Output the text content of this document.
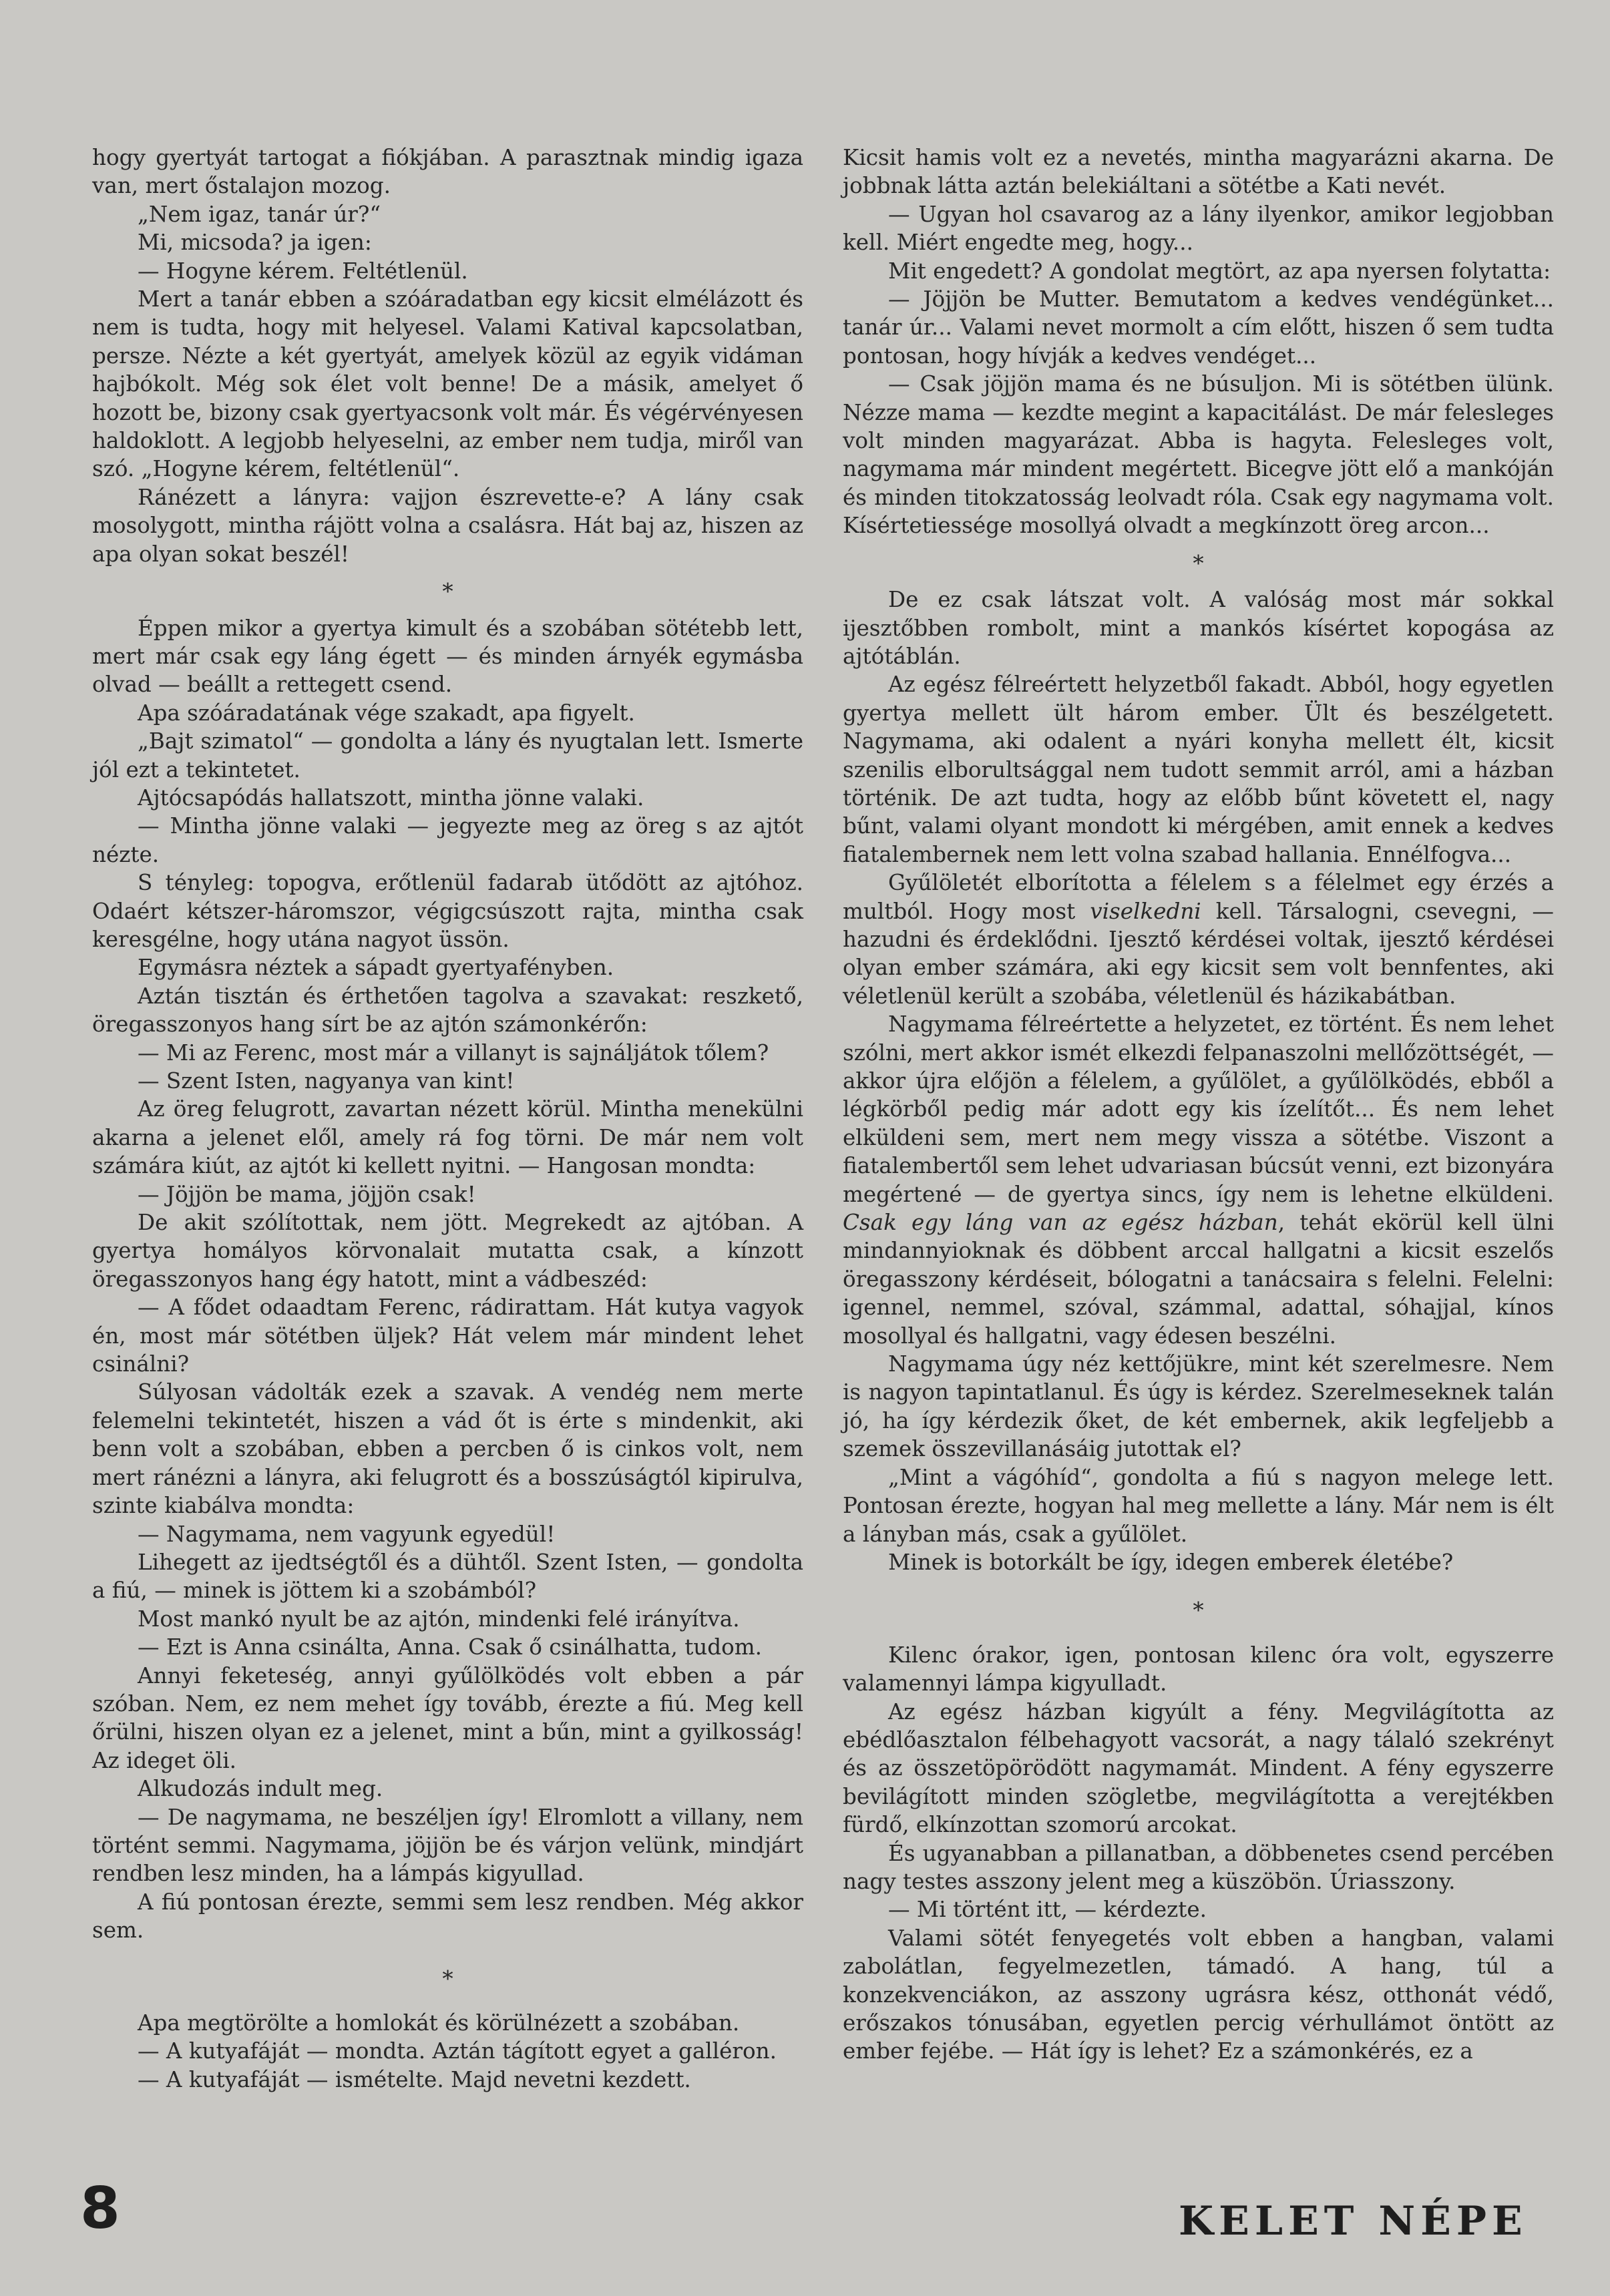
hogy gyertyát tartogat a fiókjában. A parasztnak mindig igaza van, mert őstalajon mozog.

„Nem igaz, tanár úr?“

Mi, micsoda? ja igen:

— Hogyne kérem. Feltétlenül.

Mert a tanár ebben a szóáradatban egy kicsit elmélázott és nem is tudta, hogy mit helyesel. Valami Katival kapcsolatban, persze. Nézte a két gyertyát, amelyek közül az egyik vidáman hajbókolt. Még sok élet volt benne! De a másik, amelyet ő hozott be, bizony csak gyertyacsonk volt már. És végérvényesen haldoklott. A legjobb helyeselni, az ember nem tudja, miről van szó. „Hogyne kérem, feltétlenül“.

Ránézett a lányra: vajjon észrevette-e? A lány csak mosolygott, mintha rájött volna a csalásra. Hát baj az, hiszen az apa olyan sokat beszél!

*

Éppen mikor a gyertya kimult és a szobában sötétebb lett, mert már csak egy láng égett — és minden árnyék egymásba olvad — beállt a rettegett csend.

Apa szóáradatának vége szakadt, apa figyelt.

„Bajt szimatol“ — gondolta a lány és nyugtalan lett. Ismerte jól ezt a tekintetet.

Ajtócsapódás hallatszott, mintha jönne valaki.

— Mintha jönne valaki — jegyezte meg az öreg s az ajtót nézte.

S tényleg: topogva, erőtlenül fadarab ütődött az ajtóhoz. Odaért kétszer-háromszor, végigcsúszott rajta, mintha csak keresgélne, hogy utána nagyot üssön.

Egymásra néztek a sápadt gyertyafényben.

Aztán tisztán és érthetően tagolva a szavakat: reszkető, öregasszonyos hang sírt be az ajtón számonkérőn:

— Mi az Ferenc, most már a villanyt is sajnáljátok tőlem?

— Szent Isten, nagyanya van kint!

Az öreg felugrott, zavartan nézett körül. Mintha menekülni akarna a jelenet elől, amely rá fog törni. De már nem volt számára kiút, az ajtót ki kellett nyitni. — Hangosan mondta:

— Jöjjön be mama, jöjjön csak!

De akit szólítottak, nem jött. Megrekedt az ajtóban. A gyertya homályos körvonalait mutatta csak, a kínzott öregasszonyos hang égy hatott, mint a vádbeszéd:

— A fődet odaadtam Ferenc, rádirattam. Hát kutya vagyok én, most már sötétben üljek? Hát velem már mindent lehet csinálni?

Súlyosan vádolták ezek a szavak. A vendég nem merte felemelni tekintetét, hiszen a vád őt is érte s mindenkit, aki benn volt a szobában, ebben a percben ő is cinkos volt, nem mert ránézni a lányra, aki felugrott és a bosszúságtól kipirulva, szinte kiabálva mondta:

— Nagymama, nem vagyunk egyedül!

Lihegett az ijedtségtől és a dühtől. Szent Isten, — gondolta a fiú, — minek is jöttem ki a szobámból?

Most mankó nyult be az ajtón, mindenki felé irányítva.

— Ezt is Anna csinálta, Anna. Csak ő csinálhatta, tudom.

Annyi feketeség, annyi gyűlölködés volt ebben a pár szóban. Nem, ez nem mehet így tovább, érezte a fiú. Meg kell őrülni, hiszen olyan ez a jelenet, mint a bűn, mint a gyilkosság! Az ideget öli.

Alkudozás indult meg.

— De nagymama, ne beszéljen így! Elromlott a villany, nem történt semmi. Nagymama, jöjjön be és várjon velünk, mindjárt rendben lesz minden, ha a lámpás kigyullad.

A fiú pontosan érezte, semmi sem lesz rendben. Még akkor sem.

*

Apa megtörölte a homlokát és körülnézett a szobában.

— A kutyafáját — mondta. Aztán tágított egyet a galléron.

— A kutyafáját — ismételte. Majd nevetni kezdett.

Kicsit hamis volt ez a nevetés, mintha magyarázni akarna. De jobbnak látta aztán belekiáltani a sötétbe a Kati nevét.

— Ugyan hol csavarog az a lány ilyenkor, amikor legjobban kell. Miért engedte meg, hogy...

Mit engedett? A gondolat megtört, az apa nyersen folytatta:

— Jöjjön be Mutter. Bemutatom a kedves vendégünket... tanár úr... Valami nevet mormolt a cím előtt, hiszen ő sem tudta pontosan, hogy hívják a kedves vendéget...

— Csak jöjjön mama és ne búsuljon. Mi is sötétben ülünk. Nézze mama — kezdte megint a kapacitálást. De már felesleges volt minden magyarázat. Abba is hagyta. Felesleges volt, nagymama már mindent megértett. Bicegve jött elő a mankóján és minden titokzatosság leolvadt róla. Csak egy nagymama volt. Kísértetiessége mosollyá olvadt a megkínzott öreg arcon...

*

De ez csak látszat volt. A valóság most már sokkal ijesztőbben rombolt, mint a mankós kísértet kopogása az ajtótáblán.

Az egész félreértett helyzetből fakadt. Abból, hogy egyetlen gyertya mellett ült három ember. Ült és beszélgetett. Nagymama, aki odalent a nyári konyha mellett élt, kicsit szenilis elborultsággal nem tudott semmit arról, ami a házban történik. De azt tudta, hogy az előbb bűnt követett el, nagy bűnt, valami olyant mondott ki mérgében, amit ennek a kedves fiatalembernek nem lett volna szabad hallania. Ennélfogva...

Gyűlöletét elborította a félelem s a félelmet egy érzés a multból. Hogy most viselkedni kell. Társalogni, csevegni, — hazudni és érdeklődni. Ijesztő kérdései voltak, ijesztő kérdései olyan ember számára, aki egy kicsit sem volt bennfentes, aki véletlenül került a szobába, véletlenül és házikabátban.

Nagymama félreértette a helyzetet, ez történt. És nem lehet szólni, mert akkor ismét elkezdi felpanaszolni mellőzöttségét, — akkor újra előjön a félelem, a gyűlölet, a gyűlölködés, ebből a légkörből pedig már adott egy kis ízelítőt... És nem lehet elküldeni sem, mert nem megy vissza a sötétbe. Viszont a fiatalembertől sem lehet udvariasan búcsút venni, ezt bizonyára megértené — de gyertya sincs, így nem is lehetne elküldeni. Csak egy láng van az egész házban, tehát ekörül kell ülni mindannyioknak és döbbent arccal hallgatni a kicsit eszelős öregasszony kérdéseit, bólogatni a tanácsaira s felelni. Felelni: igennel, nemmel, szóval, számmal, adattal, sóhajjal, kínos mosollyal és hallgatni, vagy édesen beszélni.

Nagymama úgy néz kettőjükre, mint két szerelmesre. Nem is nagyon tapintatlanul. És úgy is kérdez. Szerelmeseknek talán jó, ha így kérdezik őket, de két embernek, akik legfeljebb a szemek összevillanásáig jutottak el?

„Mint a vágóhíd“, gondolta a fiú s nagyon melege lett. Pontosan érezte, hogyan hal meg mellette a lány. Már nem is élt a lányban más, csak a gyűlölet.

Minek is botorkált be így, idegen emberek életébe?

*

Kilenc órakor, igen, pontosan kilenc óra volt, egyszerre valamennyi lámpa kigyulladt.

Az egész házban kigyúlt a fény. Megvilágította az ebédlőasztalon félbehagyott vacsorát, a nagy tálaló szekrényt és az összetöpörödött nagymamát. Mindent. A fény egyszerre bevilágított minden szögletbe, megvilágította a verejtékben fürdő, elkínzottan szomorú arcokat.

És ugyanabban a pillanatban, a döbbenetes csend percében nagy testes asszony jelent meg a küszöbön. Úriasszony.

— Mi történt itt, — kérdezte.

Valami sötét fenyegetés volt ebben a hangban, valami zabolátlan, fegyelmezetlen, támadó. A hang, túl a konzekvenciákon, az asszony ugrásra kész, otthonát védő, erőszakos tónusában, egyetlen percig vérhullámot öntött az ember fejébe. — Hát így is lehet? Ez a számonkérés, ez a

8	KELET NÉPE
